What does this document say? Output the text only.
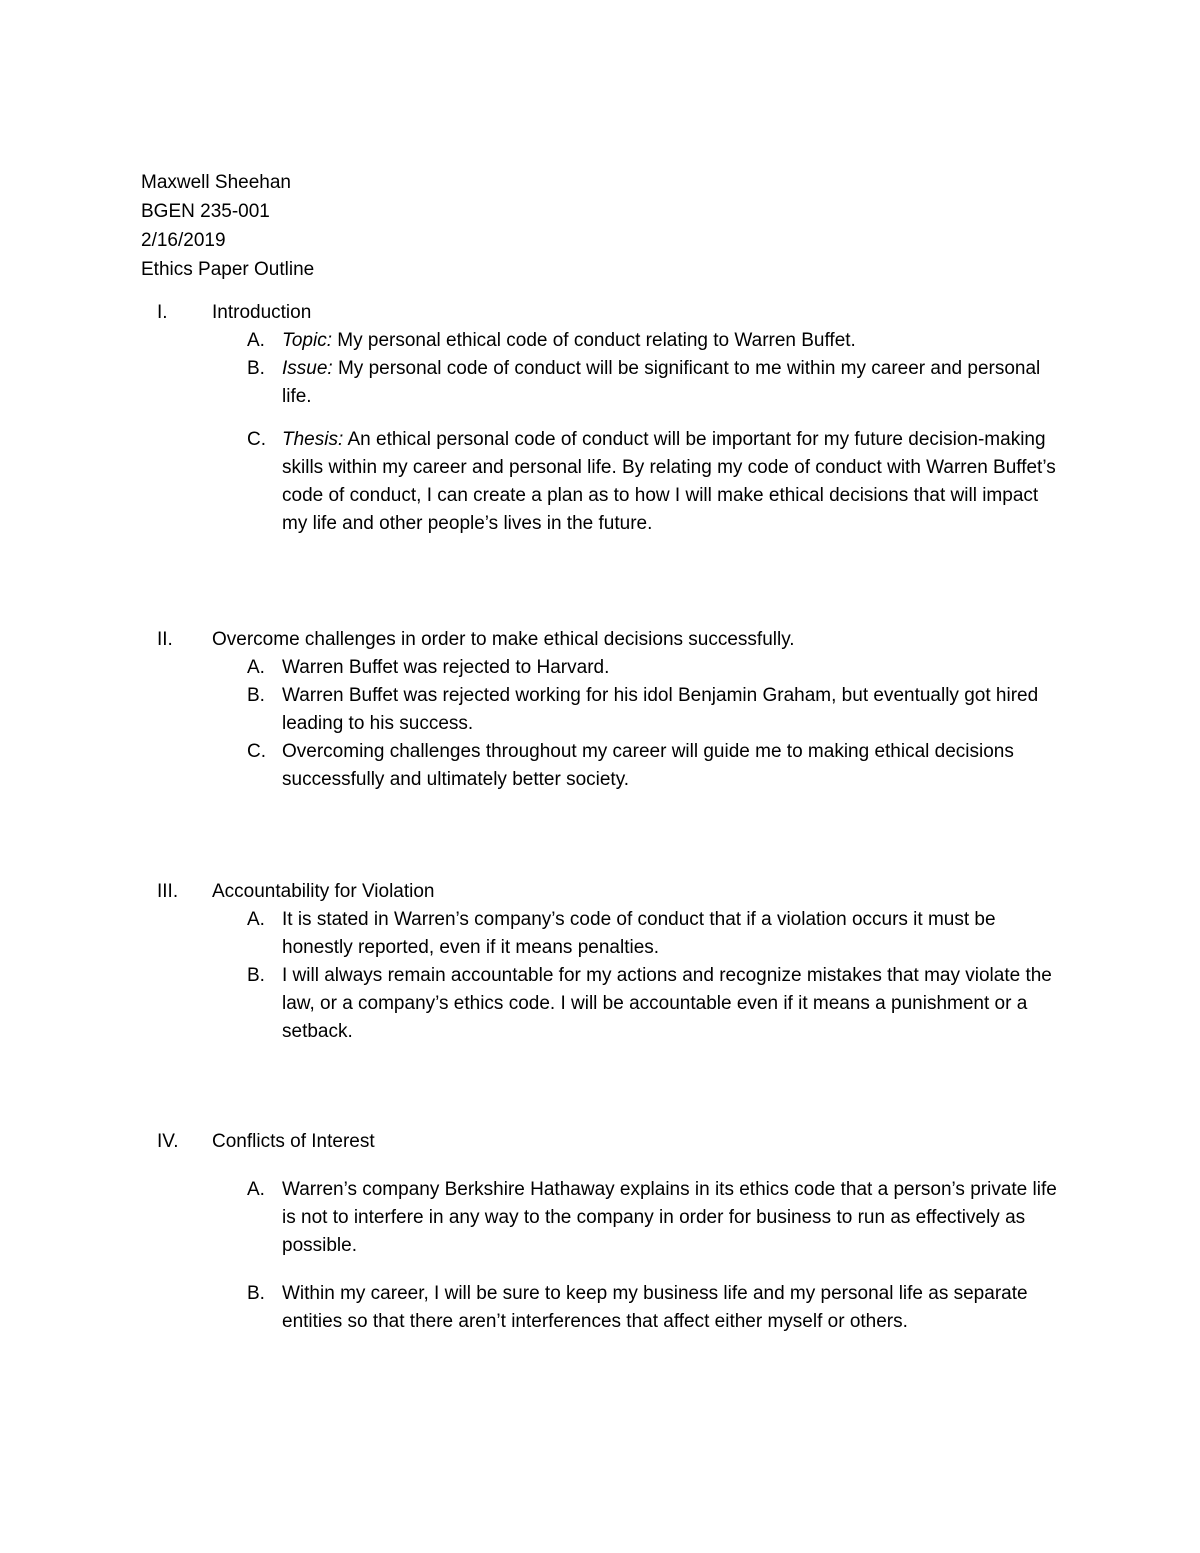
Maxwell Sheehan
BGEN 235-001
2/16/2019
Ethics Paper Outline
I. Introduction
A. Topic: My personal ethical code of conduct relating to Warren Buffet.
B. Issue: My personal code of conduct will be significant to me within my career and personal life.
C. Thesis: An ethical personal code of conduct will be important for my future decision-making skills within my career and personal life. By relating my code of conduct with Warren Buffet’s code of conduct, I can create a plan as to how I will make ethical decisions that will impact my life and other people’s lives in the future.
II. Overcome challenges in order to make ethical decisions successfully.
A. Warren Buffet was rejected to Harvard.
B. Warren Buffet was rejected working for his idol Benjamin Graham, but eventually got hired leading to his success.
C. Overcoming challenges throughout my career will guide me to making ethical decisions successfully and ultimately better society.
III. Accountability for Violation
A. It is stated in Warren’s company’s code of conduct that if a violation occurs it must be honestly reported, even if it means penalties.
B. I will always remain accountable for my actions and recognize mistakes that may violate the law, or a company’s ethics code. I will be accountable even if it means a punishment or a setback.
IV. Conflicts of Interest
A. Warren’s company Berkshire Hathaway explains in its ethics code that a person’s private life is not to interfere in any way to the company in order for business to run as effectively as possible.
B. Within my career, I will be sure to keep my business life and my personal life as separate entities so that there aren’t interferences that affect either myself or others.
